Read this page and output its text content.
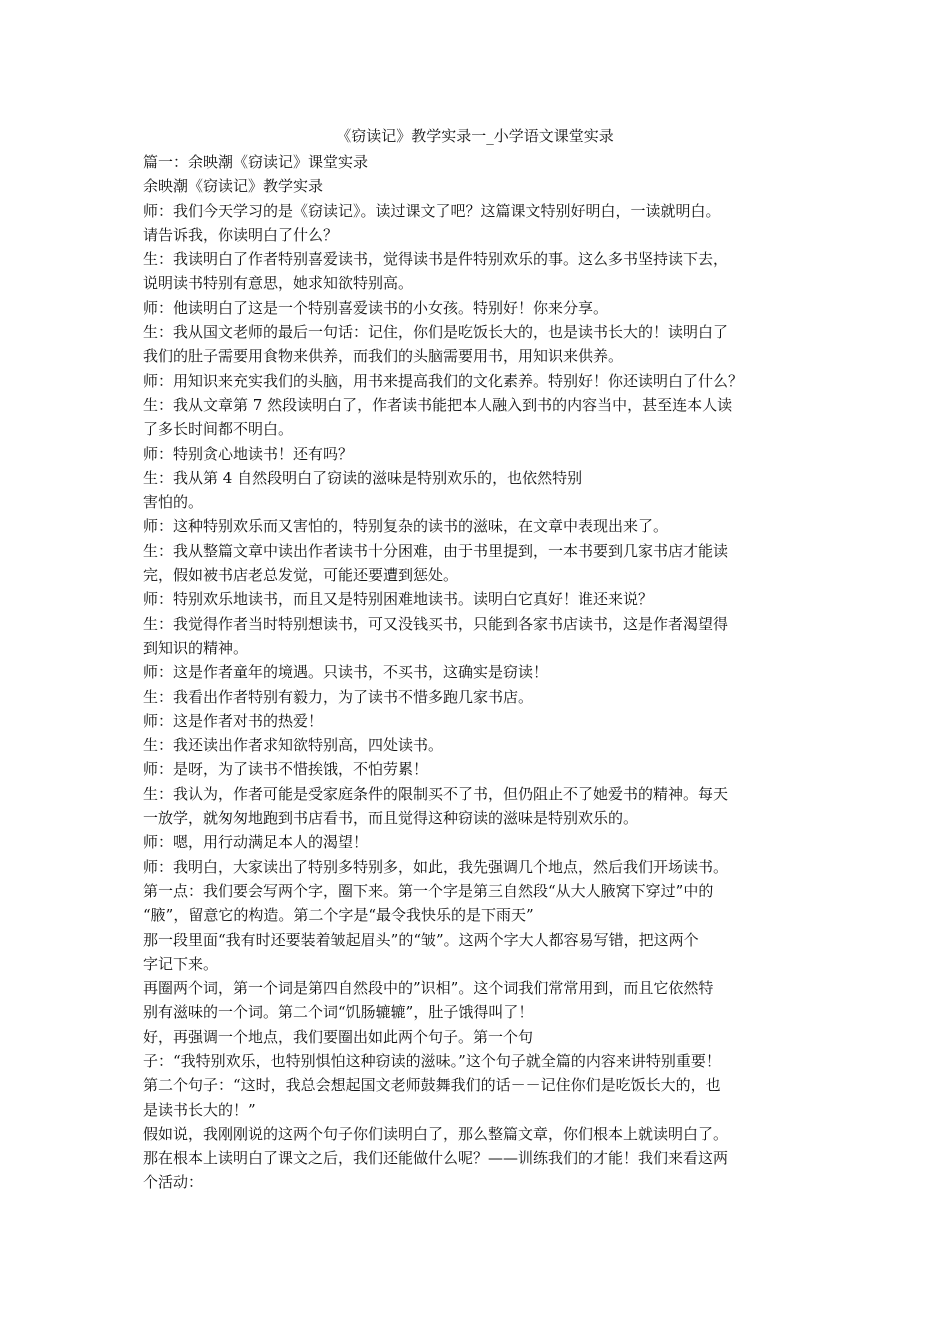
《窃读记》教学实录一_小学语文课堂实录
篇一：余映潮《窃读记》课堂实录
余映潮《窃读记》教学实录
师：我们今天学习的是《窃读记》。读过课文了吧？这篇课文特别好明白，一读就明白。
请告诉我，你读明白了什么？
生：我读明白了作者特别喜爱读书，觉得读书是件特别欢乐的事。这么多书坚持读下去，
说明读书特别有意思，她求知欲特别高。
师：他读明白了这是一个特别喜爱读书的小女孩。特别好！你来分享。
生：我从国文老师的最后一句话：记住，你们是吃饭长大的，也是读书长大的！读明白了
我们的肚子需要用食物来供养，而我们的头脑需要用书，用知识来供养。
师：用知识来充实我们的头脑，用书来提高我们的文化素养。特别好！你还读明白了什么？
生：我从文章第 7 然段读明白了，作者读书能把本人融入到书的内容当中，甚至连本人读
了多长时间都不明白。
师：特别贪心地读书！还有吗？
生：我从第 4 自然段明白了窃读的滋味是特别欢乐的，也依然特别
害怕的。
师：这种特别欢乐而又害怕的，特别复杂的读书的滋味，在文章中表现出来了。
生：我从整篇文章中读出作者读书十分困难，由于书里提到，一本书要到几家书店才能读
完，假如被书店老总发觉，可能还要遭到惩处。
师：特别欢乐地读书，而且又是特别困难地读书。读明白它真好！谁还来说？
生：我觉得作者当时特别想读书，可又没钱买书，只能到各家书店读书，这是作者渴望得
到知识的精神。
师：这是作者童年的境遇。只读书，不买书，这确实是窃读！
生：我看出作者特别有毅力，为了读书不惜多跑几家书店。
师：这是作者对书的热爱！
生：我还读出作者求知欲特别高，四处读书。
师：是呀，为了读书不惜挨饿，不怕劳累！
生：我认为，作者可能是受家庭条件的限制买不了书，但仍阻止不了她爱书的精神。每天
一放学，就匆匆地跑到书店看书，而且觉得这种窃读的滋味是特别欢乐的。
师：嗯，用行动满足本人的渴望！
师：我明白，大家读出了特别多特别多，如此，我先强调几个地点，然后我们开场读书。
第一点：我们要会写两个字，圈下来。第一个字是第三自然段“从大人腋窝下穿过”中的
“腋”，留意它的构造。第二个字是“最令我快乐的是下雨天”
那一段里面“我有时还要装着皱起眉头”的“皱”。这两个字大人都容易写错，把这两个
字记下来。
再圈两个词，第一个词是第四自然段中的”识相”。这个词我们常常用到，而且它依然特
别有滋味的一个词。第二个词“饥肠辘辘”，肚子饿得叫了！
好，再强调一个地点，我们要圈出如此两个句子。第一个句
子：“我特别欢乐，也特别惧怕这种窃读的滋味。”这个句子就全篇的内容来讲特别重要！
第二个句子：“这时，我总会想起国文老师鼓舞我们的话－－记住你们是吃饭长大的，也
是读书长大的！”
假如说，我刚刚说的这两个句子你们读明白了，那么整篇文章，你们根本上就读明白了。
那在根本上读明白了课文之后，我们还能做什么呢？——训练我们的才能！我们来看这两
个活动：
